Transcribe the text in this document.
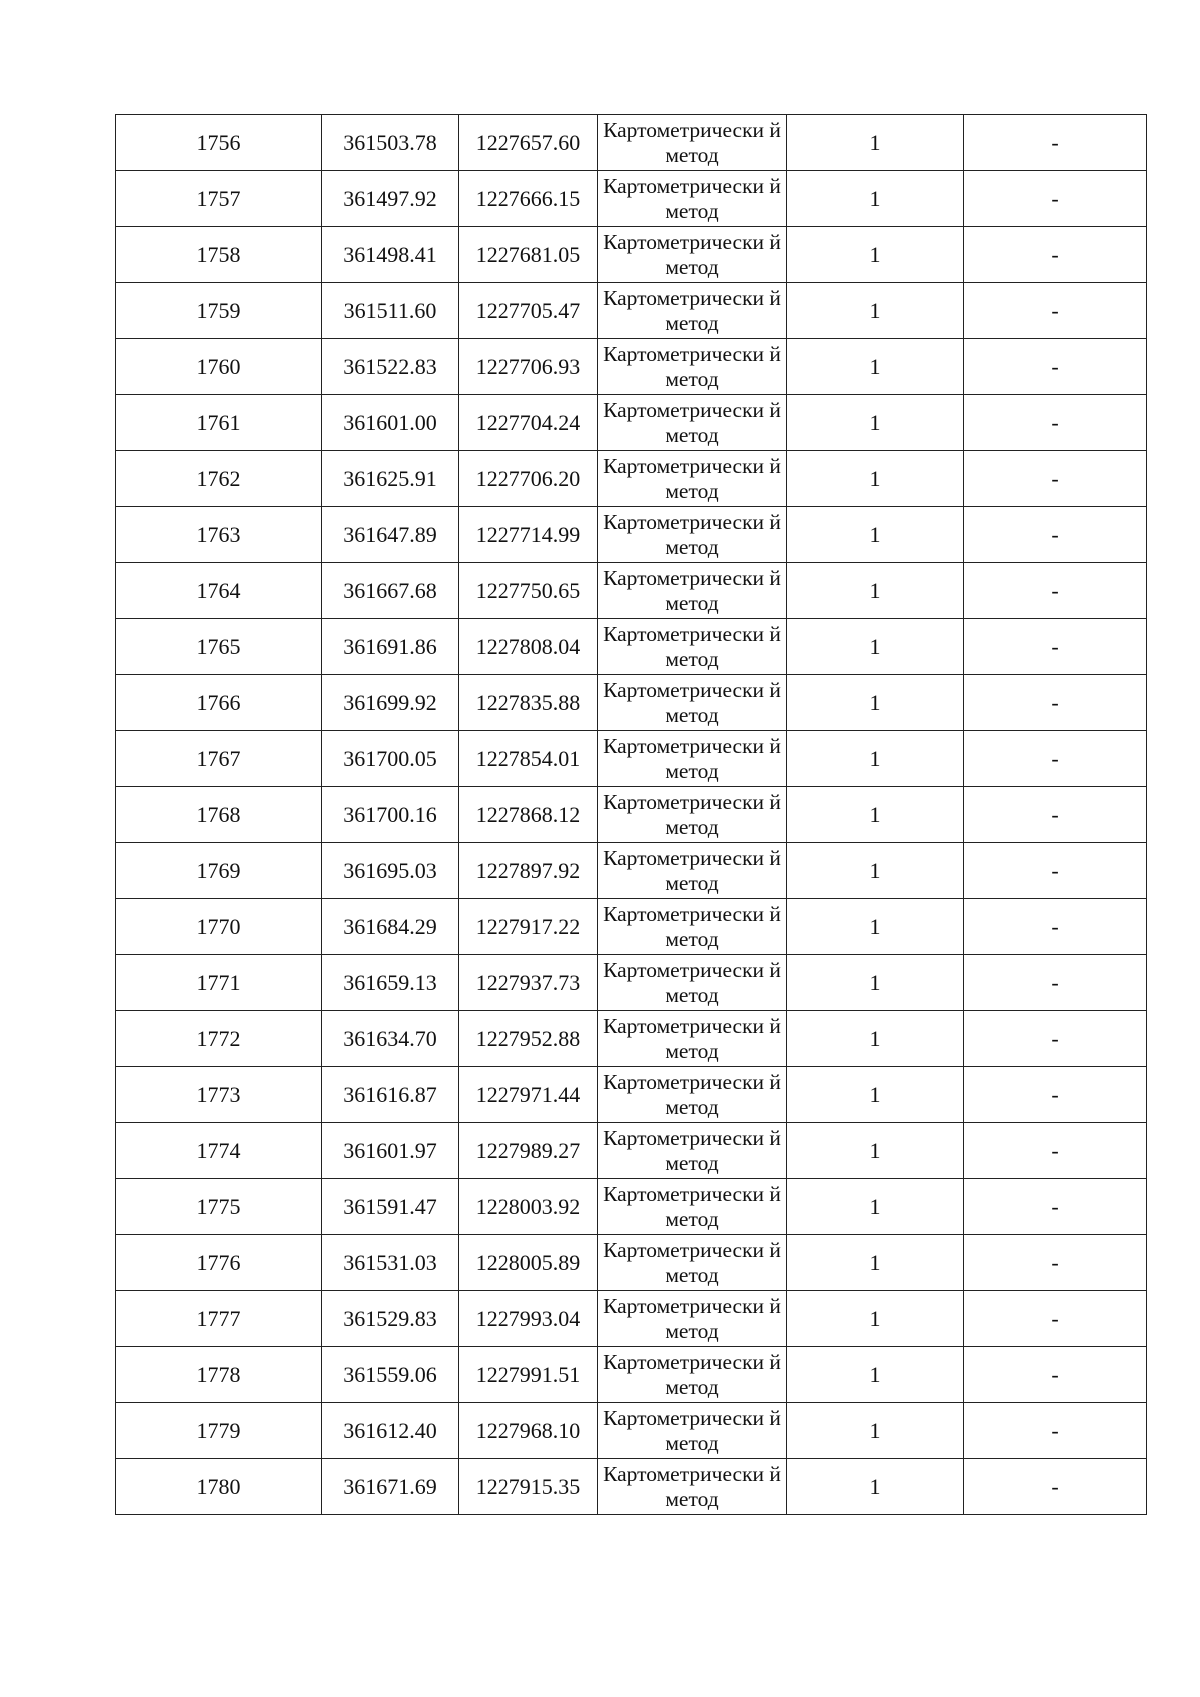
1756	361503.78	1227657.60	Картометрически й метод	1	-
1757	361497.92	1227666.15	Картометрически й метод	1	-
1758	361498.41	1227681.05	Картометрически й метод	1	-
1759	361511.60	1227705.47	Картометрически й метод	1	-
1760	361522.83	1227706.93	Картометрически й метод	1	-
1761	361601.00	1227704.24	Картометрически й метод	1	-
1762	361625.91	1227706.20	Картометрически й метод	1	-
1763	361647.89	1227714.99	Картометрически й метод	1	-
1764	361667.68	1227750.65	Картометрически й метод	1	-
1765	361691.86	1227808.04	Картометрически й метод	1	-
1766	361699.92	1227835.88	Картометрически й метод	1	-
1767	361700.05	1227854.01	Картометрически й метод	1	-
1768	361700.16	1227868.12	Картометрически й метод	1	-
1769	361695.03	1227897.92	Картометрически й метод	1	-
1770	361684.29	1227917.22	Картометрически й метод	1	-
1771	361659.13	1227937.73	Картометрически й метод	1	-
1772	361634.70	1227952.88	Картометрически й метод	1	-
1773	361616.87	1227971.44	Картометрически й метод	1	-
1774	361601.97	1227989.27	Картометрически й метод	1	-
1775	361591.47	1228003.92	Картометрически й метод	1	-
1776	361531.03	1228005.89	Картометрически й метод	1	-
1777	361529.83	1227993.04	Картометрически й метод	1	-
1778	361559.06	1227991.51	Картометрически й метод	1	-
1779	361612.40	1227968.10	Картометрически й метод	1	-
1780	361671.69	1227915.35	Картометрически й метод	1	-
